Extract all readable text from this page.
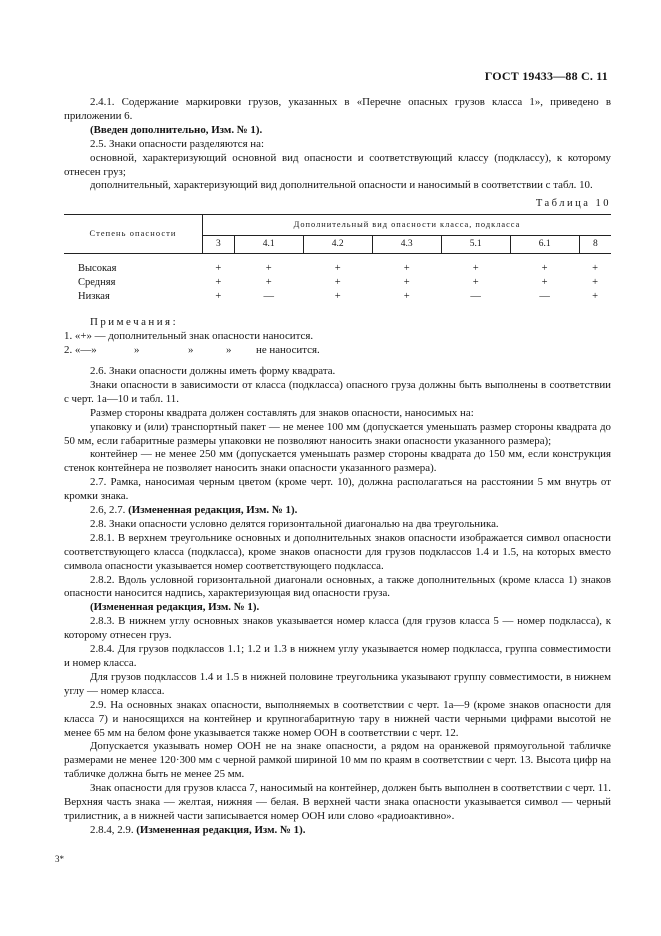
ГОСТ 19433—88 С. 11

2.4.1. Содержание маркировки грузов, указанных в «Перечне опасных грузов класса 1», приведено в приложении 6.

(Введен дополнительно, Изм. № 1).

2.5. Знаки опасности разделяются на:

основной, характеризующий основной вид опасности и соответствующий классу (подклассу), к которому отнесен груз;

дополнительный, характеризующий вид дополнительной опасности и наносимый в соответствии с табл. 10.

Таблица 10
Степень опасности	Дополнительный вид опасности класса, подкласса						
	3	4.1	4.2	4.3	5.1	6.1	8
Высокая	+	+	+	+	+	+	+
Средняя	+	+	+	+	+	+	+
Низкая	+	—	+	+	—	—	+

Примечания:

1. «+» — дополнительный знак опасности наносится.

2. «—»	»	»	» не наносится.

2.6. Знаки опасности должны иметь форму квадрата.

Знаки опасности в зависимости от класса (подкласса) опасного груза должны быть выполнены в соответствии с черт. 1а—10 и табл. 11.

Размер стороны квадрата должен составлять для знаков опасности, наносимых на:

упаковку и (или) транспортный пакет — не менее 100 мм (допускается уменьшать размер стороны квадрата до 50 мм, если габаритные размеры упаковки не позволяют наносить знаки опасности указанного размера);

контейнер — не менее 250 мм (допускается уменьшать размер стороны квадрата до 150 мм, если конструкция стенок контейнера не позволяет наносить знаки опасности указанного размера).

2.7. Рамка, наносимая черным цветом (кроме черт. 10), должна располагаться на расстоянии 5 мм внутрь от кромки знака.

2.6, 2.7. (Измененная редакция, Изм. № 1).

2.8. Знаки опасности условно делятся горизонтальной диагональю на два треугольника.

2.8.1. В верхнем треугольнике основных и дополнительных знаков опасности изображается символ опасности соответствующего класса (подкласса), кроме знаков опасности для грузов подклассов 1.4 и 1.5, на которых вместо символа опасности указывается номер соответствующего подкласса.

2.8.2. Вдоль условной горизонтальной диагонали основных, а также дополнительных (кроме класса 1) знаков опасности наносится надпись, характеризующая вид опасности груза.

(Измененная редакция, Изм. № 1).

2.8.3. В нижнем углу основных знаков указывается номер класса (для грузов класса 5 — номер подкласса), к которому отнесен груз.

2.8.4. Для грузов подклассов 1.1; 1.2 и 1.3 в нижнем углу указывается номер подкласса, группа совместимости и номер класса.

Для грузов подклассов 1.4 и 1.5 в нижней половине треугольника указывают группу совместимости, в нижнем углу — номер класса.

2.9. На основных знаках опасности, выполняемых в соответствии с черт. 1а—9 (кроме знаков опасности для класса 7) и наносящихся на контейнер и крупногабаритную тару в нижней части черными цифрами высотой не менее 65 мм на белом фоне указывается также номер ООН в соответствии с черт. 12.

Допускается указывать номер ООН не на знаке опасности, а рядом на оранжевой прямоугольной табличке размерами не менее 120·300 мм с черной рамкой шириной 10 мм по краям в соответствии с черт. 13. Высота цифр на табличке должна быть не менее 25 мм.

Знак опасности для грузов класса 7, наносимый на контейнер, должен быть выполнен в соответствии с черт. 11. Верхняя часть знака — желтая, нижняя — белая. В верхней части знака опасности указывается символ — черный трилистник, а в нижней части записывается номер ООН или слово «радиоактивно».

2.8.4, 2.9. (Измененная редакция, Изм. № 1).

3*
